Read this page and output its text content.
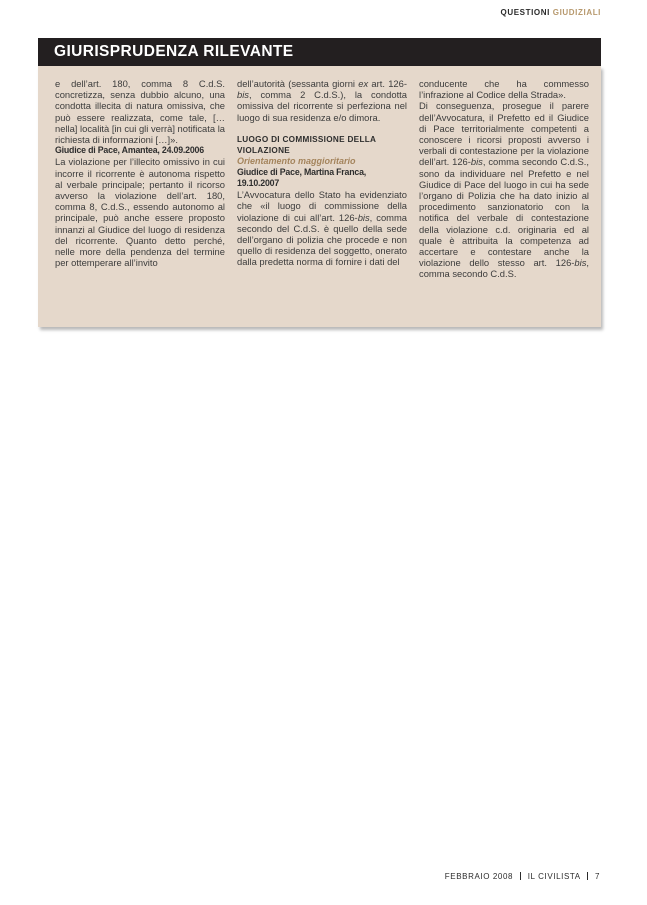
QUESTIONI GIUDIZIALI
GIURISPRUDENZA RILEVANTE

e dell’art. 180, comma 8 C.d.S. concretizza, senza dubbio alcuno, una condotta illecita di natura omissiva, che può essere realizzata, come tale, [… nella] località [in cui gli verrà] notificata la richiesta di informazioni […]».

Giudice di Pace, Amantea, 24.09.2006

La violazione per l’illecito omissivo in cui incorre il ricorrente è autonoma rispetto al verbale principale; pertanto il ricorso avverso la violazione dell’art. 180, comma 8, C.d.S., essendo autonomo al principale, può anche essere proposto innanzi al Giudice del luogo di residenza del ricorrente. Quanto detto perché, nelle more della pendenza del termine per ottemperare all’invito

dell’autorità (sessanta giorni ex art. 126-bis, comma 2 C.d.S.), la condotta omissiva del ricorrente si perfeziona nel luogo di sua residenza e/o dimora.

LUOGO DI COMMISSIONE DELLA VIOLAZIONE

Orientamento maggioritario

Giudice di Pace, Martina Franca, 19.10.2007

L’Avvocatura dello Stato ha evidenziato che «il luogo di commissione della violazione di cui all’art. 126-bis, comma secondo del C.d.S. è quello della sede dell’organo di polizia che procede e non quello di residenza del soggetto, onerato dalla predetta norma di fornire i dati del

conducente che ha commesso l’infrazione al Codice della Strada».

Di conseguenza, prosegue il parere dell’Avvocatura, il Prefetto ed il Giudice di Pace territorialmente competenti a conoscere i ricorsi proposti avverso i verbali di contestazione per la violazione dell’art. 126-bis, comma secondo C.d.S., sono da individuare nel Prefetto e nel Giudice di Pace del luogo in cui ha sede l’organo di Polizia che ha dato inizio al procedimento sanzionatorio con la notifica del verbale di contestazione della violazione c.d. originaria ed al quale è attribuita la competenza ad accertare e contestare anche la violazione dello stesso art. 126-bis, comma secondo C.d.S.

FEBBRAIO 2008 IL CIVILISTA 7
